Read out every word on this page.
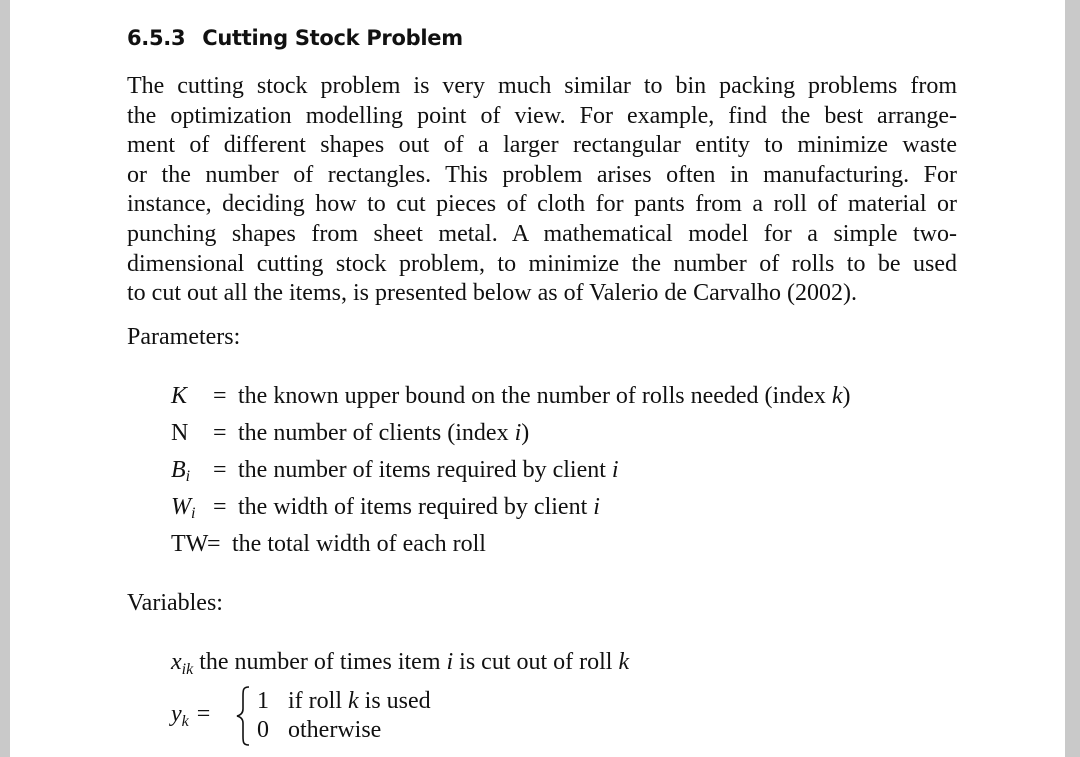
6.5.3 Cutting Stock Problem

The cutting stock problem is very much similar to bin packing problems from
the optimization modelling point of view. For example, find the best arrange-
ment of different shapes out of a larger rectangular entity to minimize waste
or the number of rectangles. This problem arises often in manufacturing. For
instance, deciding how to cut pieces of cloth for pants from a roll of material or
punching shapes from sheet metal. A mathematical model for a simple two-
dimensional cutting stock problem, to minimize the number of rolls to be used
to cut out all the items, is presented below as of Valerio de Carvalho (2002).

Parameters:
K = the known upper bound on the number of rolls needed (index k)
N = the number of clients (index i)
$B_i$ = the number of items required by client i
$W_i$ = the width of items required by client i
TW
= the total width of each roll
Variables:
$x_{ik}$ the number of times item i is cut out of roll k
$y_k = 1$ if roll k is used
0 otherwise
